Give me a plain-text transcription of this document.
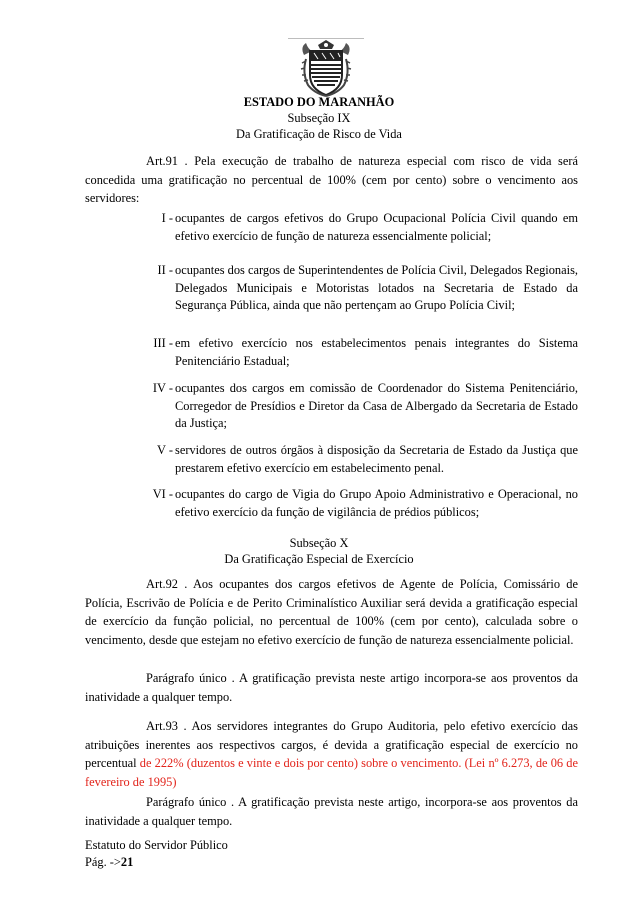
ESTADO DO MARANHÃO
Subseção IX
Da Gratificação de Risco de Vida
Art.91 . Pela execução de trabalho de natureza especial com risco de vida será concedida uma gratificação no percentual de 100% (cem por cento) sobre o vencimento aos servidores:
I - ocupantes de cargos efetivos do Grupo Ocupacional Polícia Civil quando em efetivo exercício de função de natureza essencialmente policial;
II - ocupantes dos cargos de Superintendentes de Polícia Civil, Delegados Regionais, Delegados Municipais e Motoristas lotados na Secretaria de Estado da Segurança Pública, ainda que não pertençam ao Grupo Polícia Civil;
III - em efetivo exercício nos estabelecimentos penais integrantes do Sistema Penitenciário Estadual;
IV - ocupantes dos cargos em comissão de Coordenador do Sistema Penitenciário, Corregedor de Presídios e Diretor da Casa de Albergado da Secretaria de Estado da Justiça;
V - servidores de outros órgãos à disposição da Secretaria de Estado da Justiça que prestarem efetivo exercício em estabelecimento penal.
VI - ocupantes do cargo de Vigia do Grupo Apoio Administrativo e Operacional, no efetivo exercício da função de vigilância de prédios públicos;
Subseção X
Da Gratificação Especial de Exercício
Art.92 . Aos ocupantes dos cargos efetivos de Agente de Polícia, Comissário de Polícia, Escrivão de Polícia e de Perito Criminalístico Auxiliar será devida a gratificação especial de exercício da função policial, no percentual de 100% (cem por cento), calculada sobre o vencimento, desde que estejam no efetivo exercício de função de natureza essencialmente policial.
Parágrafo único . A gratificação prevista neste artigo incorpora-se aos proventos da inatividade a qualquer tempo.
Art.93 . Aos servidores integrantes do Grupo Auditoria, pelo efetivo exercício das atribuições inerentes aos respectivos cargos, é devida a gratificação especial de exercício no percentual de 222% (duzentos e vinte e dois por cento) sobre o vencimento. (Lei nº 6.273, de 06 de fevereiro de 1995)
Parágrafo único . A gratificação prevista neste artigo, incorpora-se aos proventos da inatividade a qualquer tempo.
Estatuto do Servidor Público
Pág. ->21
